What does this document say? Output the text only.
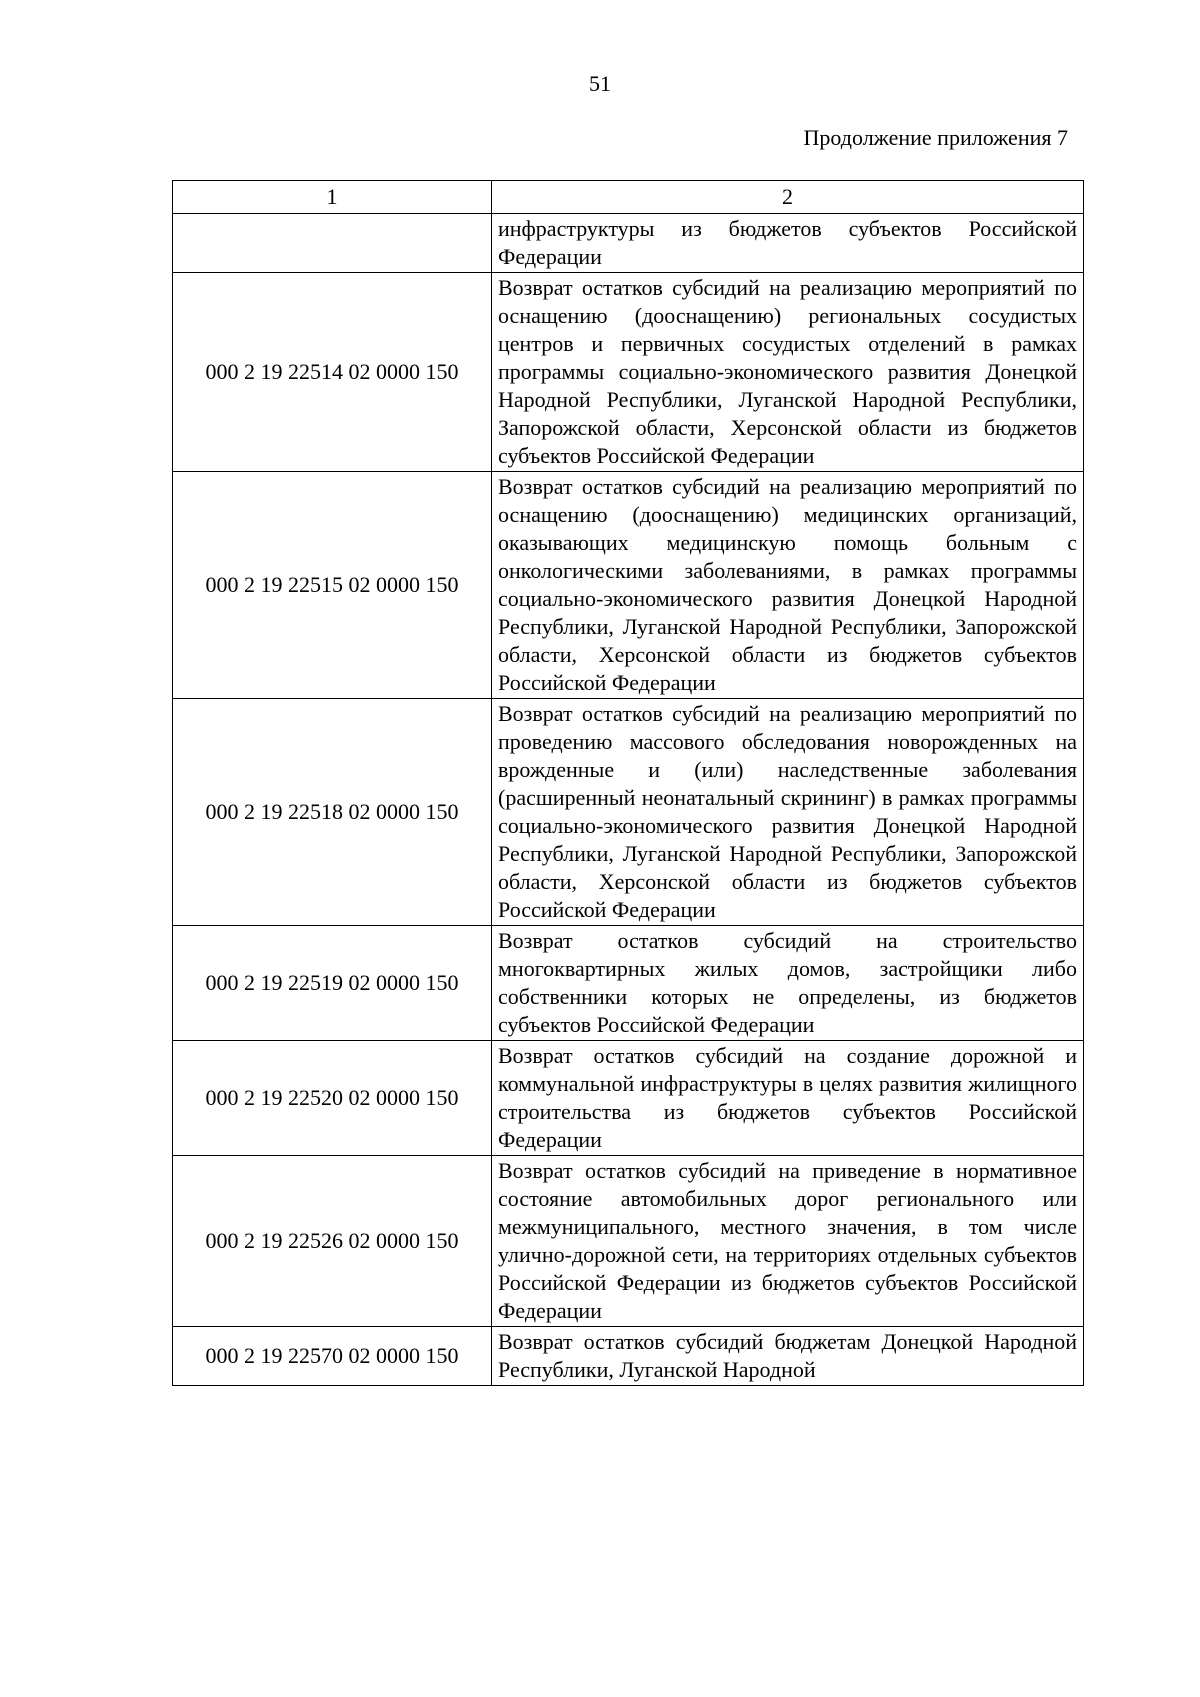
51
Продолжение приложения 7
1	2
	инфраструктуры из бюджетов субъектов Российской Федерации
000 2 19 22514 02 0000 150	Возврат остатков субсидий на реализацию мероприятий по оснащению (дооснащению) региональных сосудистых центров и первичных сосудистых отделений в рамках программы социально-экономического развития Донецкой Народной Республики, Луганской Народной Республики, Запорожской области, Херсонской области из бюджетов субъектов Российской Федерации
000 2 19 22515 02 0000 150	Возврат остатков субсидий на реализацию мероприятий по оснащению (дооснащению) медицинских организаций, оказывающих медицинскую помощь больным с онкологическими заболеваниями, в рамках программы социально-экономического развития Донецкой Народной Республики, Луганской Народной Республики, Запорожской области, Херсонской области из бюджетов субъектов Российской Федерации
000 2 19 22518 02 0000 150	Возврат остатков субсидий на реализацию мероприятий по проведению массового обследования новорожденных на врожденные и (или) наследственные заболевания (расширенный неонатальный скрининг) в рамках программы социально-экономического развития Донецкой Народной Республики, Луганской Народной Республики, Запорожской области, Херсонской области из бюджетов субъектов Российской Федерации
000 2 19 22519 02 0000 150	Возврат остатков субсидий на строительство многоквартирных жилых домов, застройщики либо собственники которых не определены, из бюджетов субъектов Российской Федерации
000 2 19 22520 02 0000 150	Возврат остатков субсидий на создание дорожной и коммунальной инфраструктуры в целях развития жилищного строительства из бюджетов субъектов Российской Федерации
000 2 19 22526 02 0000 150	Возврат остатков субсидий на приведение в нормативное состояние автомобильных дорог регионального или межмуниципального, местного значения, в том числе улично-дорожной сети, на территориях отдельных субъектов Российской Федерации из бюджетов субъектов Российской Федерации
000 2 19 22570 02 0000 150	Возврат остатков субсидий бюджетам Донецкой Народной Республики, Луганской Народной
